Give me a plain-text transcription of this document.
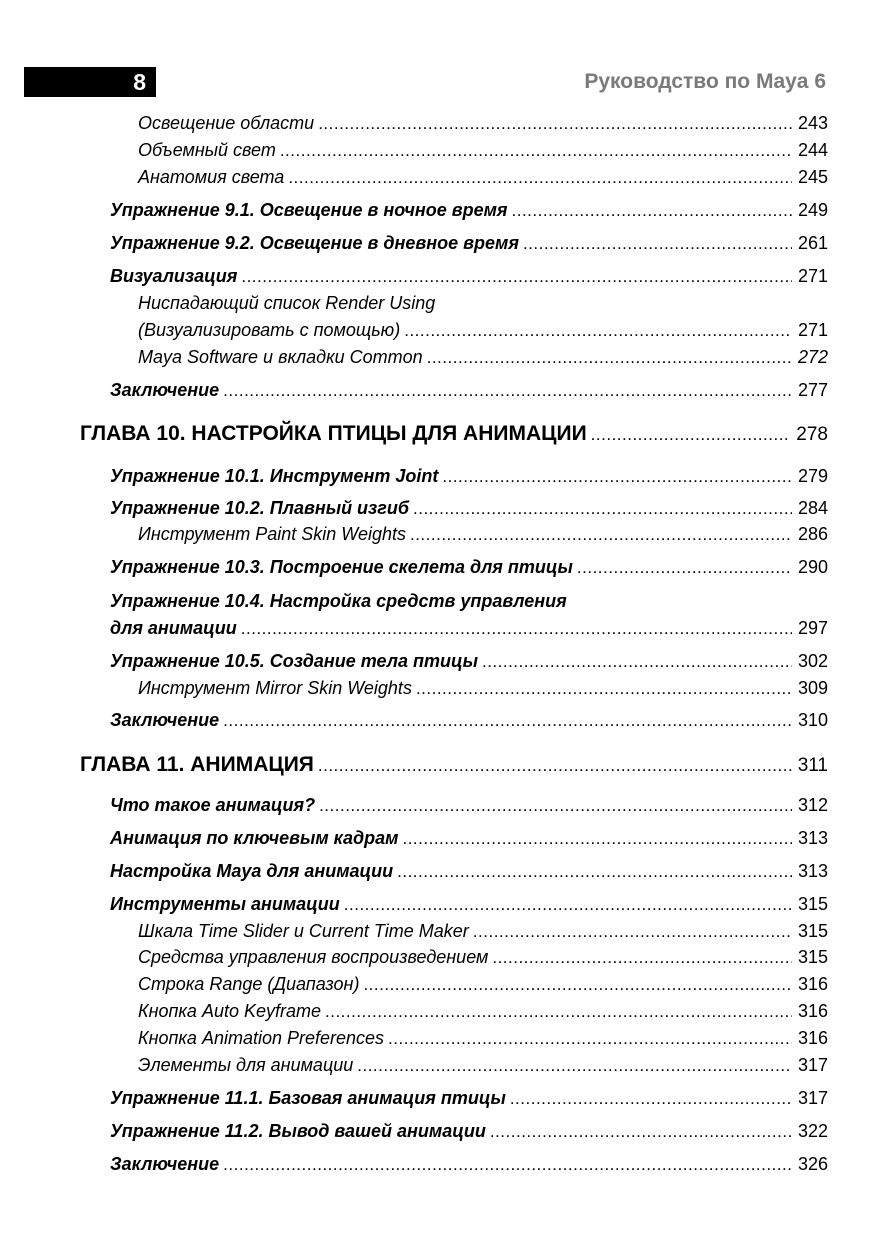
8	Руководство по Maya 6
Освещение области .....	243
Объемный свет .....	244
Анатомия света .....	245
Упражнение 9.1. Освещение в ночное время .....	249
Упражнение 9.2. Освещение в дневное время .....	261
Визуализация .....	271
Ниспадающий список Render Using
(Визуализировать с помощью) .....	271
Maya Software и вкладки Common .....	272
Заключение .....	277
ГЛАВА 10. НАСТРОЙКА ПТИЦЫ ДЛЯ АНИМАЦИИ .....	278
Упражнение 10.1. Инструмент Joint .....	279
Упражнение 10.2. Плавный изгиб .....	284
Инструмент Paint Skin Weights .....	286
Упражнение 10.3. Построение скелета для птицы .....	290
Упражнение 10.4. Настройка средств управления
для анимации .....	297
Упражнение 10.5. Создание тела птицы .....	302
Инструмент Mirror Skin Weights .....	309
Заключение .....	310
ГЛАВА 11. АНИМАЦИЯ .....	311
Что такое анимация? .....	312
Анимация по ключевым кадрам .....	313
Настройка Maya для анимации .....	313
Инструменты анимации .....	315
Шкала Time Slider и Current Time Maker .....	315
Средства управления воспроизведением .....	315
Строка Range (Диапазон) .....	316
Кнопка Auto Keyframe .....	316
Кнопка Animation Preferences .....	316
Элементы для анимации .....	317
Упражнение 11.1. Базовая анимация птицы .....	317
Упражнение 11.2. Вывод вашей анимации .....	322
Заключение .....	326
